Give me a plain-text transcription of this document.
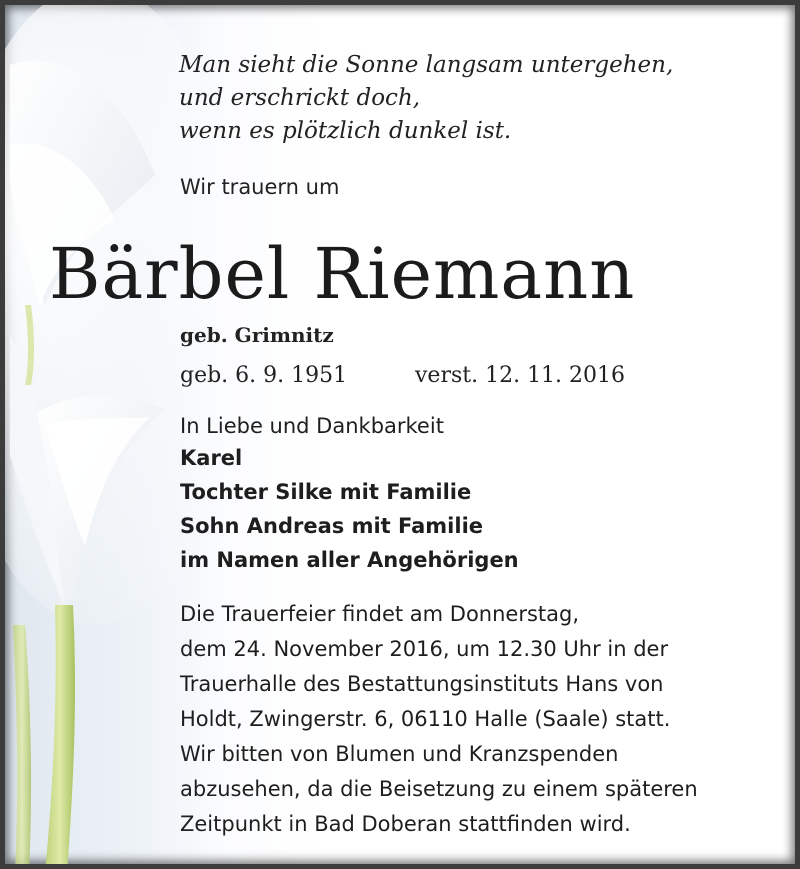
Man sieht die Sonne langsam untergehen,
und erschrickt doch,
wenn es plötzlich dunkel ist.
Wir trauern um
Bärbel Riemann
geb. Grimnitz
geb. 6. 9. 1951	verst. 12. 11. 2016
In Liebe und Dankbarkeit
Karel
Tochter Silke mit Familie
Sohn Andreas mit Familie
im Namen aller Angehörigen
Die Trauerfeier findet am Donnerstag,
dem 24. November 2016, um 12.30 Uhr in der
Trauerhalle des Bestattungsinstituts Hans von
Holdt, Zwingerstr. 6, 06110 Halle (Saale) statt.
Wir bitten von Blumen und Kranzspenden
abzusehen, da die Beisetzung zu einem späteren
Zeitpunkt in Bad Doberan stattfinden wird.
